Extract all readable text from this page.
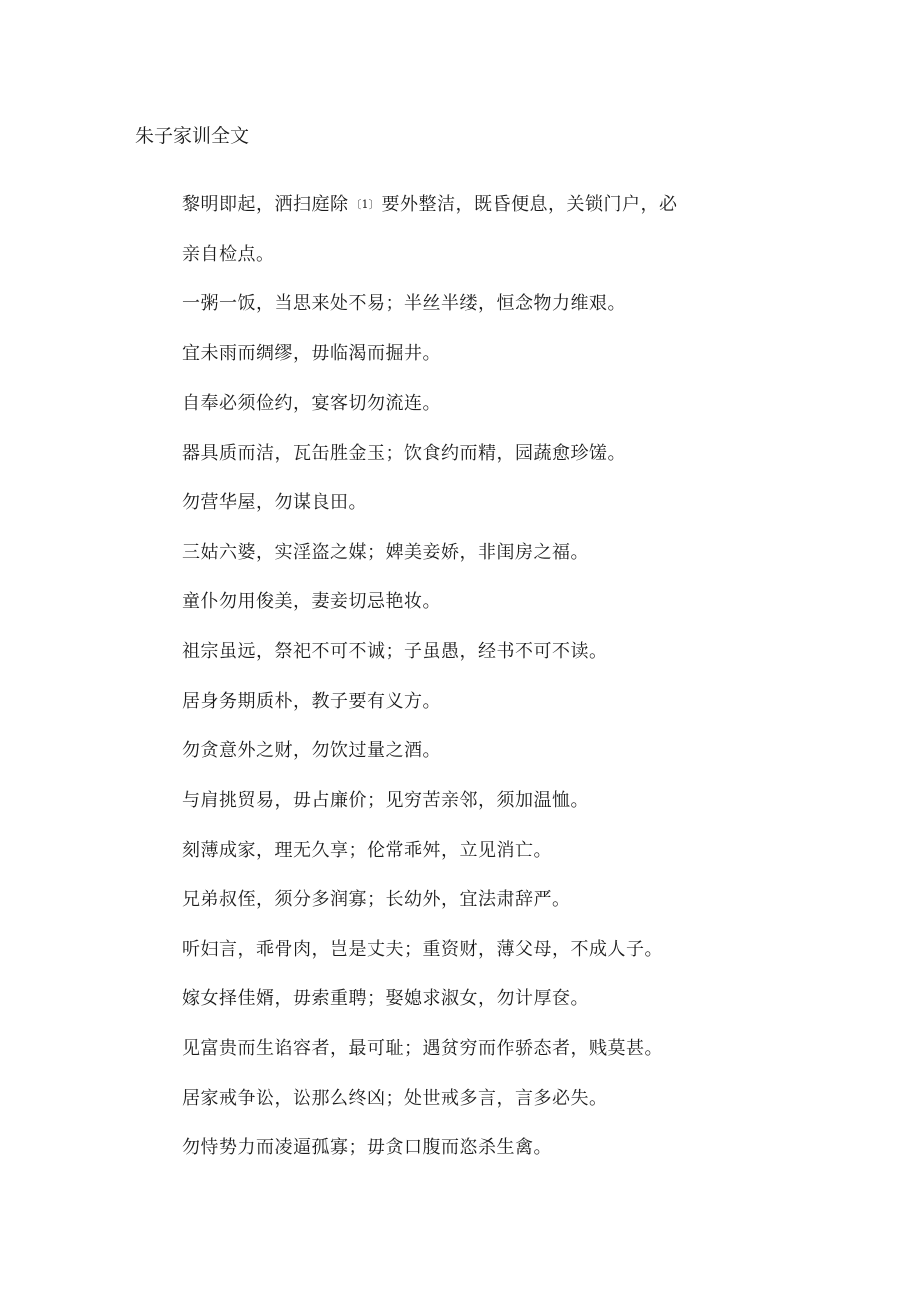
朱子家训全文
黎明即起，洒扫庭除 〔1〕 要外整洁，既昏便息，关锁门户，必
亲自检点。
一粥一饭，当思来处不易；半丝半缕，恒念物力维艰。
宜未雨而绸缪，毋临渴而掘井。
自奉必须俭约，宴客切勿流连。
器具质而洁，瓦缶胜金玉；饮食约而精，园蔬愈珍馐。
勿营华屋，勿谋良田。
三姑六婆，实淫盗之媒；婢美妾娇，非闺房之福。
童仆勿用俊美，妻妾切忌艳妆。
祖宗虽远，祭祀不可不诚；子虽愚，经书不可不读。
居身务期质朴，教子要有义方。
勿贪意外之财，勿饮过量之酒。
与肩挑贸易，毋占廉价；见穷苦亲邻，须加温恤。
刻薄成家，理无久享；伦常乖舛，立见消亡。
兄弟叔侄，须分多润寡；长幼外，宜法肃辞严。
听妇言，乖骨肉，岂是丈夫；重资财，薄父母，不成人子。
嫁女择佳婿，毋索重聘；娶媳求淑女，勿计厚奁。
见富贵而生谄容者，最可耻；遇贫穷而作骄态者，贱莫甚。
居家戒争讼，讼那么终凶；处世戒多言，言多必失。
勿恃势力而凌逼孤寡；毋贪口腹而恣杀生禽。
